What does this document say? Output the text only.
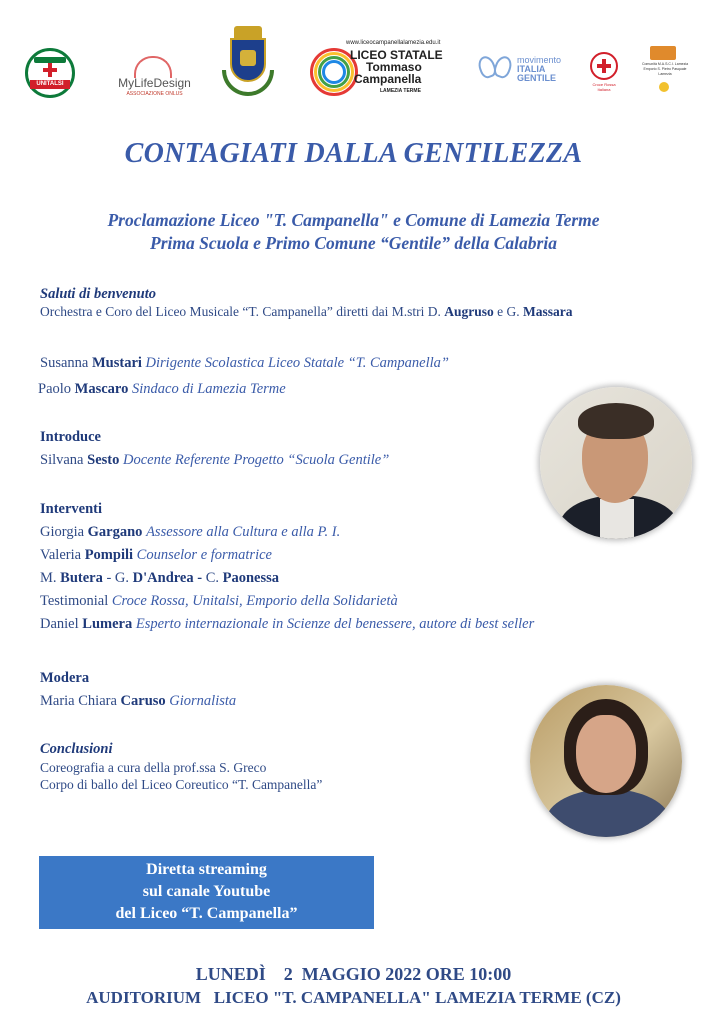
UNITALSI	MyLifeDesign
ASSOCIAZIONE ONLUS
www.liceocampanellalamezia.edu.it
LICEO STATALE
Tommaso
Campanella
LAMEZIA TERME
movimento
ITALIA
GENTILE
Croce Rossa Italiana
Comunità M.A.S.C.I. Lamezia Emporio S. Pietro Pasquale Lamezia
CONTAGIATI DALLA GENTILEZZA
Proclamazione Liceo "T. Campanella" e Comune di Lamezia Terme
Prima Scuola e Primo Comune “Gentile” della Calabria
Saluti di benvenuto
Orchestra e Coro del Liceo Musicale “T. Campanella” diretti dai M.stri D. Augruso e G. Massara
Susanna Mustari Dirigente Scolastica Liceo Statale “T. Campanella”
Paolo Mascaro Sindaco di Lamezia Terme
Introduce
Silvana Sesto Docente Referente Progetto “Scuola Gentile”
Interventi
Giorgia Gargano Assessore alla Cultura e alla P. I.
Valeria Pompili Counselor e formatrice
M. Butera - G. D'Andrea - C. Paonessa
Testimonial Croce Rossa, Unitalsi, Emporio della Solidarietà
Daniel Lumera Esperto internazionale in Scienze del benessere, autore di best seller
Modera
Maria Chiara Caruso Giornalista
Conclusioni
Coreografia a cura della prof.ssa S. Greco
Corpo di ballo del Liceo Coreutico “T. Campanella”
Diretta streaming
sul canale Youtube
del Liceo “T. Campanella”
LUNEDÌ    2  MAGGIO 2022 ORE 10:00
AUDITORIUM   LICEO "T. CAMPANELLA" LAMEZIA TERME (CZ)
